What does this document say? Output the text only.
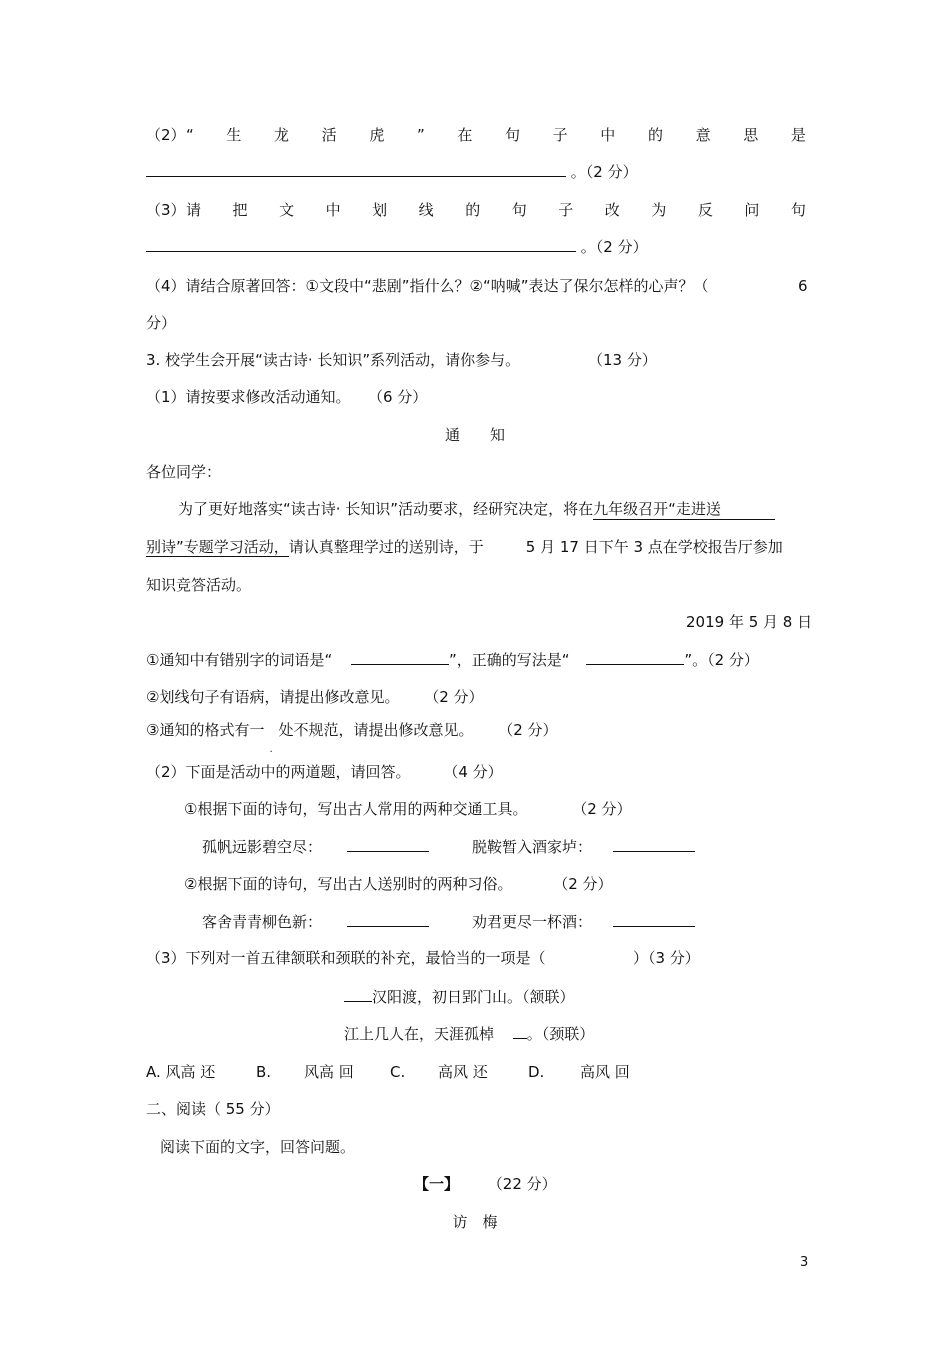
（2） “ 生 龙 活 虎 ” 在 句 子 中 的 意 思 是
。（2 分）
（3） 请 把 文 中 划 线 的 句 子 改 为 反 问 句
。（2 分）
（4）请结合原著回答：①文段中“悲剧”指什么？②“呐喊”表达了保尔怎样的心声？（	6
分）
3. 校学生会开展“读古诗· 长知识”系列活动，请你参与。	（13 分）
（1）请按要求修改活动通知。 （6 分）
通　　知
各位同学：
为了更好地落实“读古诗· 长知识”活动要求，经研究决定，将在九年级召开“走进送
别诗”专题学习活动，请认真整理学过的送别诗，于	5 月 17 日下午 3 点在学校报告厅参加
知识竞答活动。
2019 年 5 月 8 日
①通知中有错别字的词语是“	”，正确的写法是“	”。（2 分）
②划线句子有语病，请提出修改意见。 （2 分）
③通知的格式有一
·
处不规范，请提出修改意见。 （2 分）
（2）下面是活动中的两道题，请回答。 （4 分）
①根据下面的诗句，写出古人常用的两种交通工具。	（2 分）
孤帆远影碧空尽：	脱鞍暂入酒家垆：
②根据下面的诗句，写出古人送别时的两种习俗。	（2 分）
客舍青青柳色新：	劝君更尽一杯酒：
（3）下列对一首五律颔联和颈联的补充，最恰当的一项是（	）（3 分）
汉阳渡，初日郢门山。（颔联）
江上几人在，天涯孤棹 。（颈联）
A. 风高 还	B. 风高 回 C. 高风 还	D. 高风 回
二、阅读（ 55 分）
阅读下面的文字，回答问题。
【一】 （22 分）
访　梅
3
